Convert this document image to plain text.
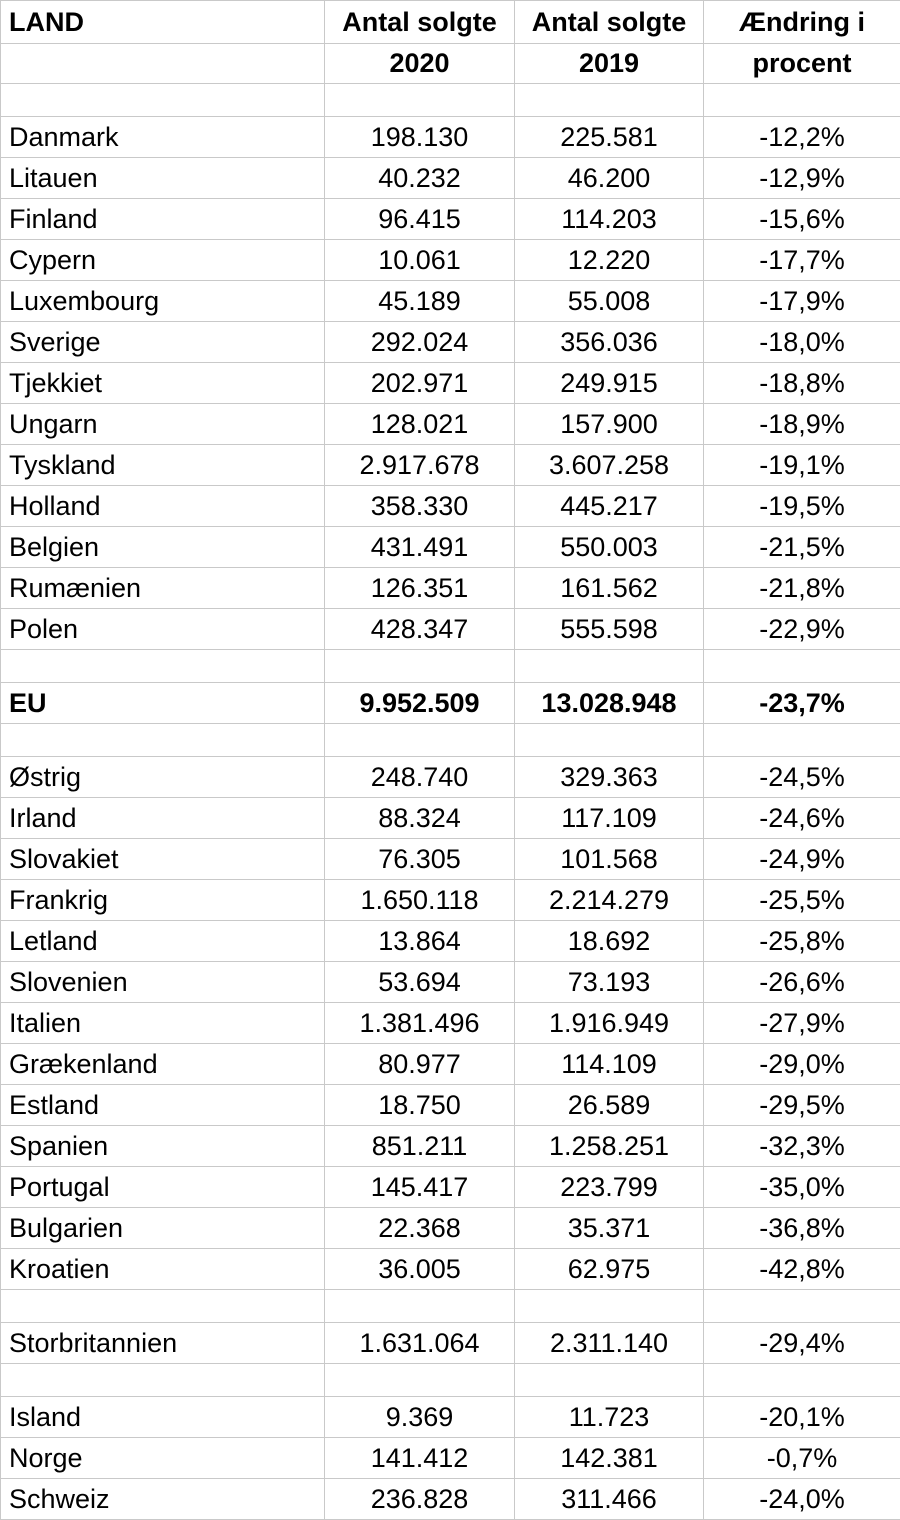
LAND	Antal solgte	Antal solgte	Ændring i
	2020	2019	procent

Danmark	198.130	225.581	-12,2%
Litauen	40.232	46.200	-12,9%
Finland	96.415	114.203	-15,6%
Cypern	10.061	12.220	-17,7%
Luxembourg	45.189	55.008	-17,9%
Sverige	292.024	356.036	-18,0%
Tjekkiet	202.971	249.915	-18,8%
Ungarn	128.021	157.900	-18,9%
Tyskland	2.917.678	3.607.258	-19,1%
Holland	358.330	445.217	-19,5%
Belgien	431.491	550.003	-21,5%
Rumænien	126.351	161.562	-21,8%
Polen	428.347	555.598	-22,9%

EU	9.952.509	13.028.948	-23,7%

Østrig	248.740	329.363	-24,5%
Irland	88.324	117.109	-24,6%
Slovakiet	76.305	101.568	-24,9%
Frankrig	1.650.118	2.214.279	-25,5%
Letland	13.864	18.692	-25,8%
Slovenien	53.694	73.193	-26,6%
Italien	1.381.496	1.916.949	-27,9%
Grækenland	80.977	114.109	-29,0%
Estland	18.750	26.589	-29,5%
Spanien	851.211	1.258.251	-32,3%
Portugal	145.417	223.799	-35,0%
Bulgarien	22.368	35.371	-36,8%
Kroatien	36.005	62.975	-42,8%

Storbritannien	1.631.064	2.311.140	-29,4%

Island	9.369	11.723	-20,1%
Norge	141.412	142.381	-0,7%
Schweiz	236.828	311.466	-24,0%
